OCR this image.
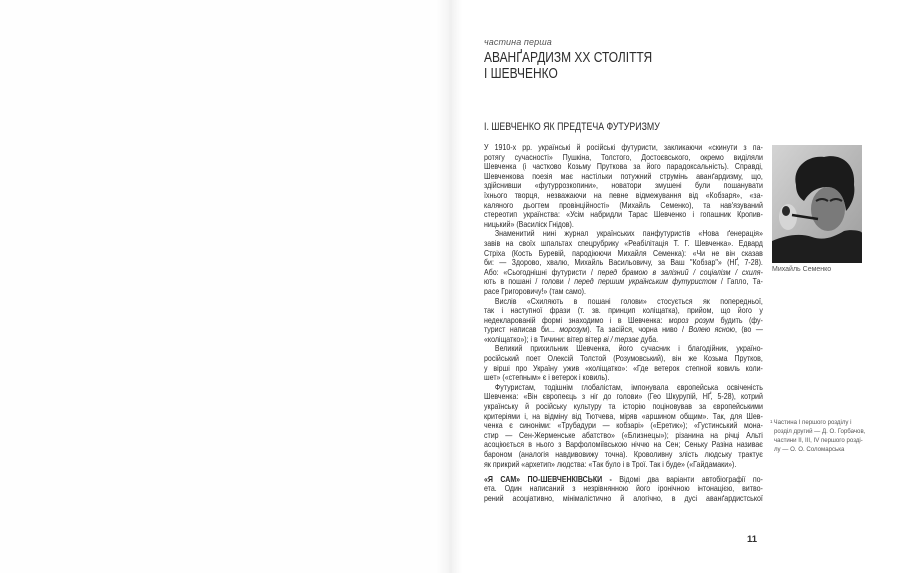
частина перша
АВАНҐАРДИЗМ ХХ СТОЛІТТЯ
І ШЕВЧЕНКО
І. ШЕВЧЕНКО ЯК ПРЕДТЕЧА ФУТУРИЗМУ
У 1910-х рр. українські й російські футуристи, закликаючи «скинути з па-
ротягу сучасності» Пушкіна, Толстого, Достоєвського, окремо виділяли
Шевченка (і частково Козьму Пруткова за його парадоксальність). Справді,
Шевченкова поезія має настільки потужний струмінь аванґардизму, що,
здійснивши «футуррозкопини», новатори змушені були пошанувати
їхнього творця, незважаючи на певне відмежування від «Кобзаря», «за-
каляного дьогтем провінційності» (Михайль Семенко), та нав'язуваний
стереотип українства: «Усім набридли Тарас Шевченко і гопашник Кропив-
ницький» (Василіск Гнідов).
Знаменитий нині журнал українських панфутуристів «Нова ґенерація»
завів на своїх шпальтах спецрубрику «Реабілітація Т. Г. Шевченка». Едвард
Стріха (Кость Буревій, пародіюючи Михайля Семенка): «Чи не він сказав
би: — Здорово, хвалю, Михайль Васильовичу, за Ваш "Кобзар"» (НҐ, 7-28).
Або: «Сьогоднішні футуристи / перед брамою в залізний / соціалізм / схиля-
ють в пошані / голови / перед першим українським футуристом / Гапло, Та-
расе Григоровичу!» (там само).
Вислів «Схиляють в пошані голови» стосується як попередньої,
так і наступної фрази (т. зв. принцип коліщатка), прийом, що його у
недекларованій формі знаходимо і в Шевченка: мороз розум будить (фу-
турист написав би... морозум). Та засійся, чорна ниво / Волею ясною, (во —
«коліщатко»); і в Тичини: вітер вітер ві / терзає дуба.
Великий прихильник Шевченка, його сучасник і благодійник, україно-
російський поет Олексій Толстой (Розумовський), він же Козьма Прутков,
у вірші про Україну ужив «коліщатко»: «Где ветерок степной ковиль коли-
шет» («степным» є і ветерок і ковиль).
Футуристам, тодішнім глобалістам, імпонувала європейська освіченість
Шевченка: «Він європеєць з ніг до голови» (Гео Шкурупій, НҐ, 5-28), котрий
українську й російську культуру та історію поціновував за європейськими
критеріями і, на відміну від Тютчева, міряв «аршином общим». Так, для Шев-
ченка є синоніми: «Трубадури — кобзарі» («Еретик»); «Густинський мона-
стир — Сен-Жерменське абатство» («Близнецы»); різанина на річці Альті
асоціюється в нього з Варфоломіївською ніччю на Сен; Сеньку Разіна називає
бароном (аналогія навдивовижу точна). Кроволивну злість людську трактує
як прикрий «архетип» людства: «Так було і в Трої. Так і буде» («Гайдамаки»).
«Я САМ» ПО-ШЕВЧЕНКІВСЬКИ - Відомі два варіанти автобіографії по-
ета. Один написаний з незрівнянною його іронічною інтонацією, витво-
рений асоціативно, мінімалістично й алогічно, в дусі аванґардистської
Михайль Семенко
$^1$Частина І першого розділу і
розділ другий — Д. О. Горбачов,
частини ІІ, ІІІ, ІV першого розді-
лу — О. О. Соломарська
11
